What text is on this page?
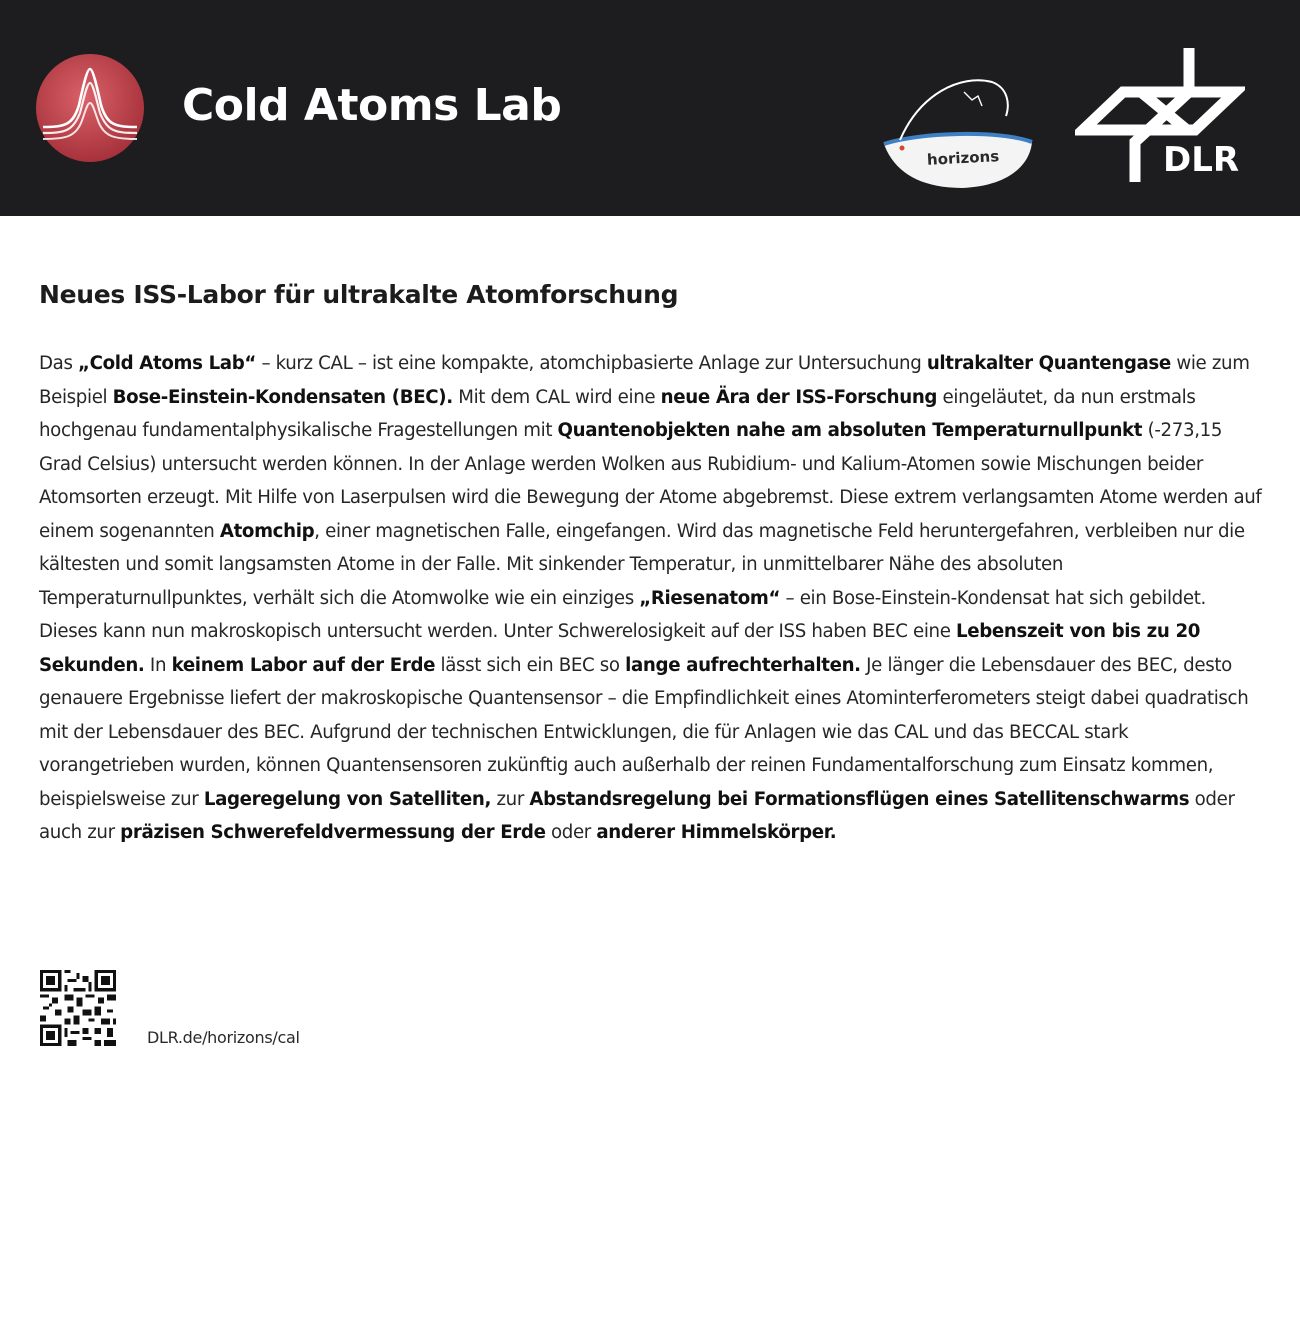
Cold Atoms Lab
horizons	DLR
Neues ISS-Labor für ultrakalte Atomforschung

Das „Cold Atoms Lab“ – kurz CAL – ist eine kompakte, atomchipbasierte Anlage zur Untersuchung ultrakalter Quantengase wie zum Beispiel Bose-Einstein-Kondensaten (BEC). Mit dem CAL wird eine neue Ära der ISS-Forschung eingeläutet, da nun erstmals hochgenau fundamentalphysikalische Fragestellungen mit Quantenobjekten nahe am absoluten Temperaturnullpunkt (-273,15 Grad Celsius) untersucht werden können. In der Anlage werden Wolken aus Rubidium- und Kalium-Atomen sowie Mischungen beider Atomsorten erzeugt. Mit Hilfe von Laserpulsen wird die Bewegung der Atome abgebremst. Diese extrem verlangsamten Atome werden auf einem sogenannten Atomchip, einer magnetischen Falle, eingefangen. Wird das magnetische Feld heruntergefahren, verbleiben nur die kältesten und somit langsamsten Atome in der Falle. Mit sinkender Temperatur, in unmittelbarer Nähe des absoluten Temperaturnullpunktes, verhält sich die Atomwolke wie ein einziges „Riesenatom“ – ein Bose-Einstein-Kondensat hat sich gebildet. Dieses kann nun makroskopisch untersucht werden. Unter Schwerelosigkeit auf der ISS haben BEC eine Lebenszeit von bis zu 20 Sekunden. In keinem Labor auf der Erde lässt sich ein BEC so lange aufrechterhalten. Je länger die Lebensdauer des BEC, desto genauere Ergebnisse liefert der makroskopische Quantensensor – die Empfindlichkeit eines Atominterferometers steigt dabei quadratisch mit der Lebensdauer des BEC. Aufgrund der technischen Entwicklungen, die für Anlagen wie das CAL und das BECCAL stark vorangetrieben wurden, können Quantensensoren zukünftig auch außerhalb der reinen Fundamentalforschung zum Einsatz kommen, beispielsweise zur Lageregelung von Satelliten, zur Abstandsregelung bei Formationsflügen eines Satellitenschwarms oder auch zur präzisen Schwerefeldvermessung der Erde oder anderer Himmelskörper.

DLR.de/horizons/cal
